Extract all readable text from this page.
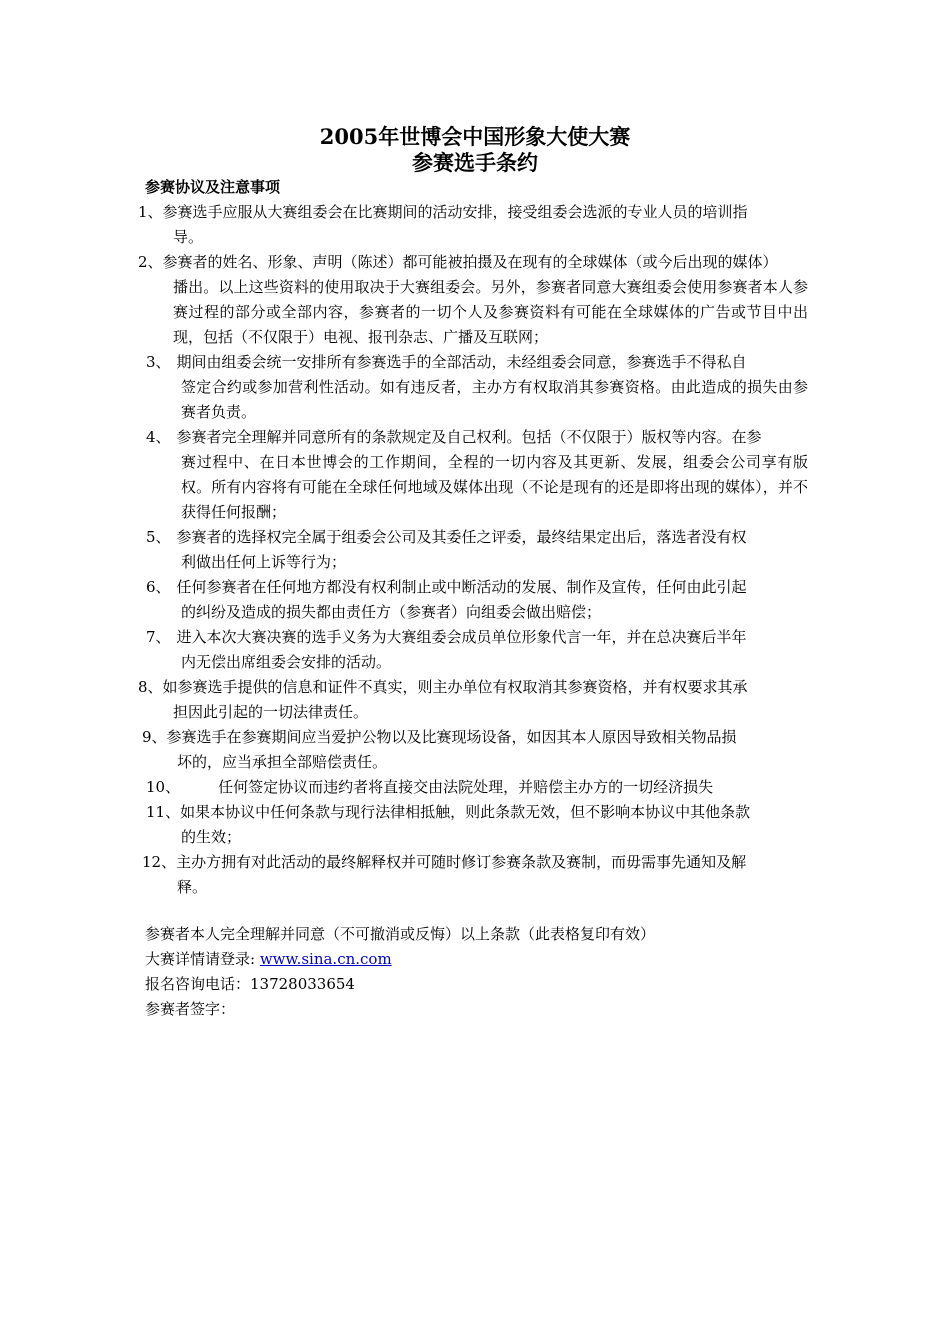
2005年世博会中国形象大使大赛
参赛选手条约
参赛协议及注意事项
1、参赛选手应服从大赛组委会在比赛期间的活动安排，接受组委会选派的专业人员的培训指
导。
2、参赛者的姓名、形象、声明（陈述）都可能被拍摄及在现有的全球媒体（或今后出现的媒体）
播出。以上这些资料的使用取决于大赛组委会。另外，参赛者同意大赛组委会使用参赛者本人参赛过程的部分或全部内容，参赛者的一切个人及参赛资料有可能在全球媒体的广告或节目中出现，包括（不仅限于）电视、报刊杂志、广播及互联网；
3、 期间由组委会统一安排所有参赛选手的全部活动，未经组委会同意，参赛选手不得私自
签定合约或参加营利性活动。如有违反者，主办方有权取消其参赛资格。由此造成的损失由参赛者负责。
4、 参赛者完全理解并同意所有的条款规定及自己权利。包括（不仅限于）版权等内容。在参
赛过程中、在日本世博会的工作期间，全程的一切内容及其更新、发展，组委会公司享有版权。所有内容将有可能在全球任何地域及媒体出现（不论是现有的还是即将出现的媒体），并不获得任何报酬；
5、 参赛者的选择权完全属于组委会公司及其委任之评委，最终结果定出后，落选者没有权
利做出任何上诉等行为；
6、 任何参赛者在任何地方都没有权利制止或中断活动的发展、制作及宣传，任何由此引起
的纠纷及造成的损失都由责任方（参赛者）向组委会做出赔偿；
7、 进入本次大赛决赛的选手义务为大赛组委会成员单位形象代言一年，并在总决赛后半年
内无偿出席组委会安排的活动。
8、如参赛选手提供的信息和证件不真实，则主办单位有权取消其参赛资格，并有权要求其承
担因此引起的一切法律责任。
9、参赛选手在参赛期间应当爱护公物以及比赛现场设备，如因其本人原因导致相关物品损
坏的，应当承担全部赔偿责任。
10、	任何签定协议而违约者将直接交由法院处理，并赔偿主办方的一切经济损失
11、如果本协议中任何条款与现行法律相抵触，则此条款无效，但不影响本协议中其他条款
的生效；
12、主办方拥有对此活动的最终解释权并可随时修订参赛条款及赛制，而毋需事先通知及解
释。
参赛者本人完全理解并同意（不可撤消或反悔）以上条款（此表格复印有效）
大赛详情请登录: www.sina.cn.com
报名咨询电话：13728033654
参赛者签字：
